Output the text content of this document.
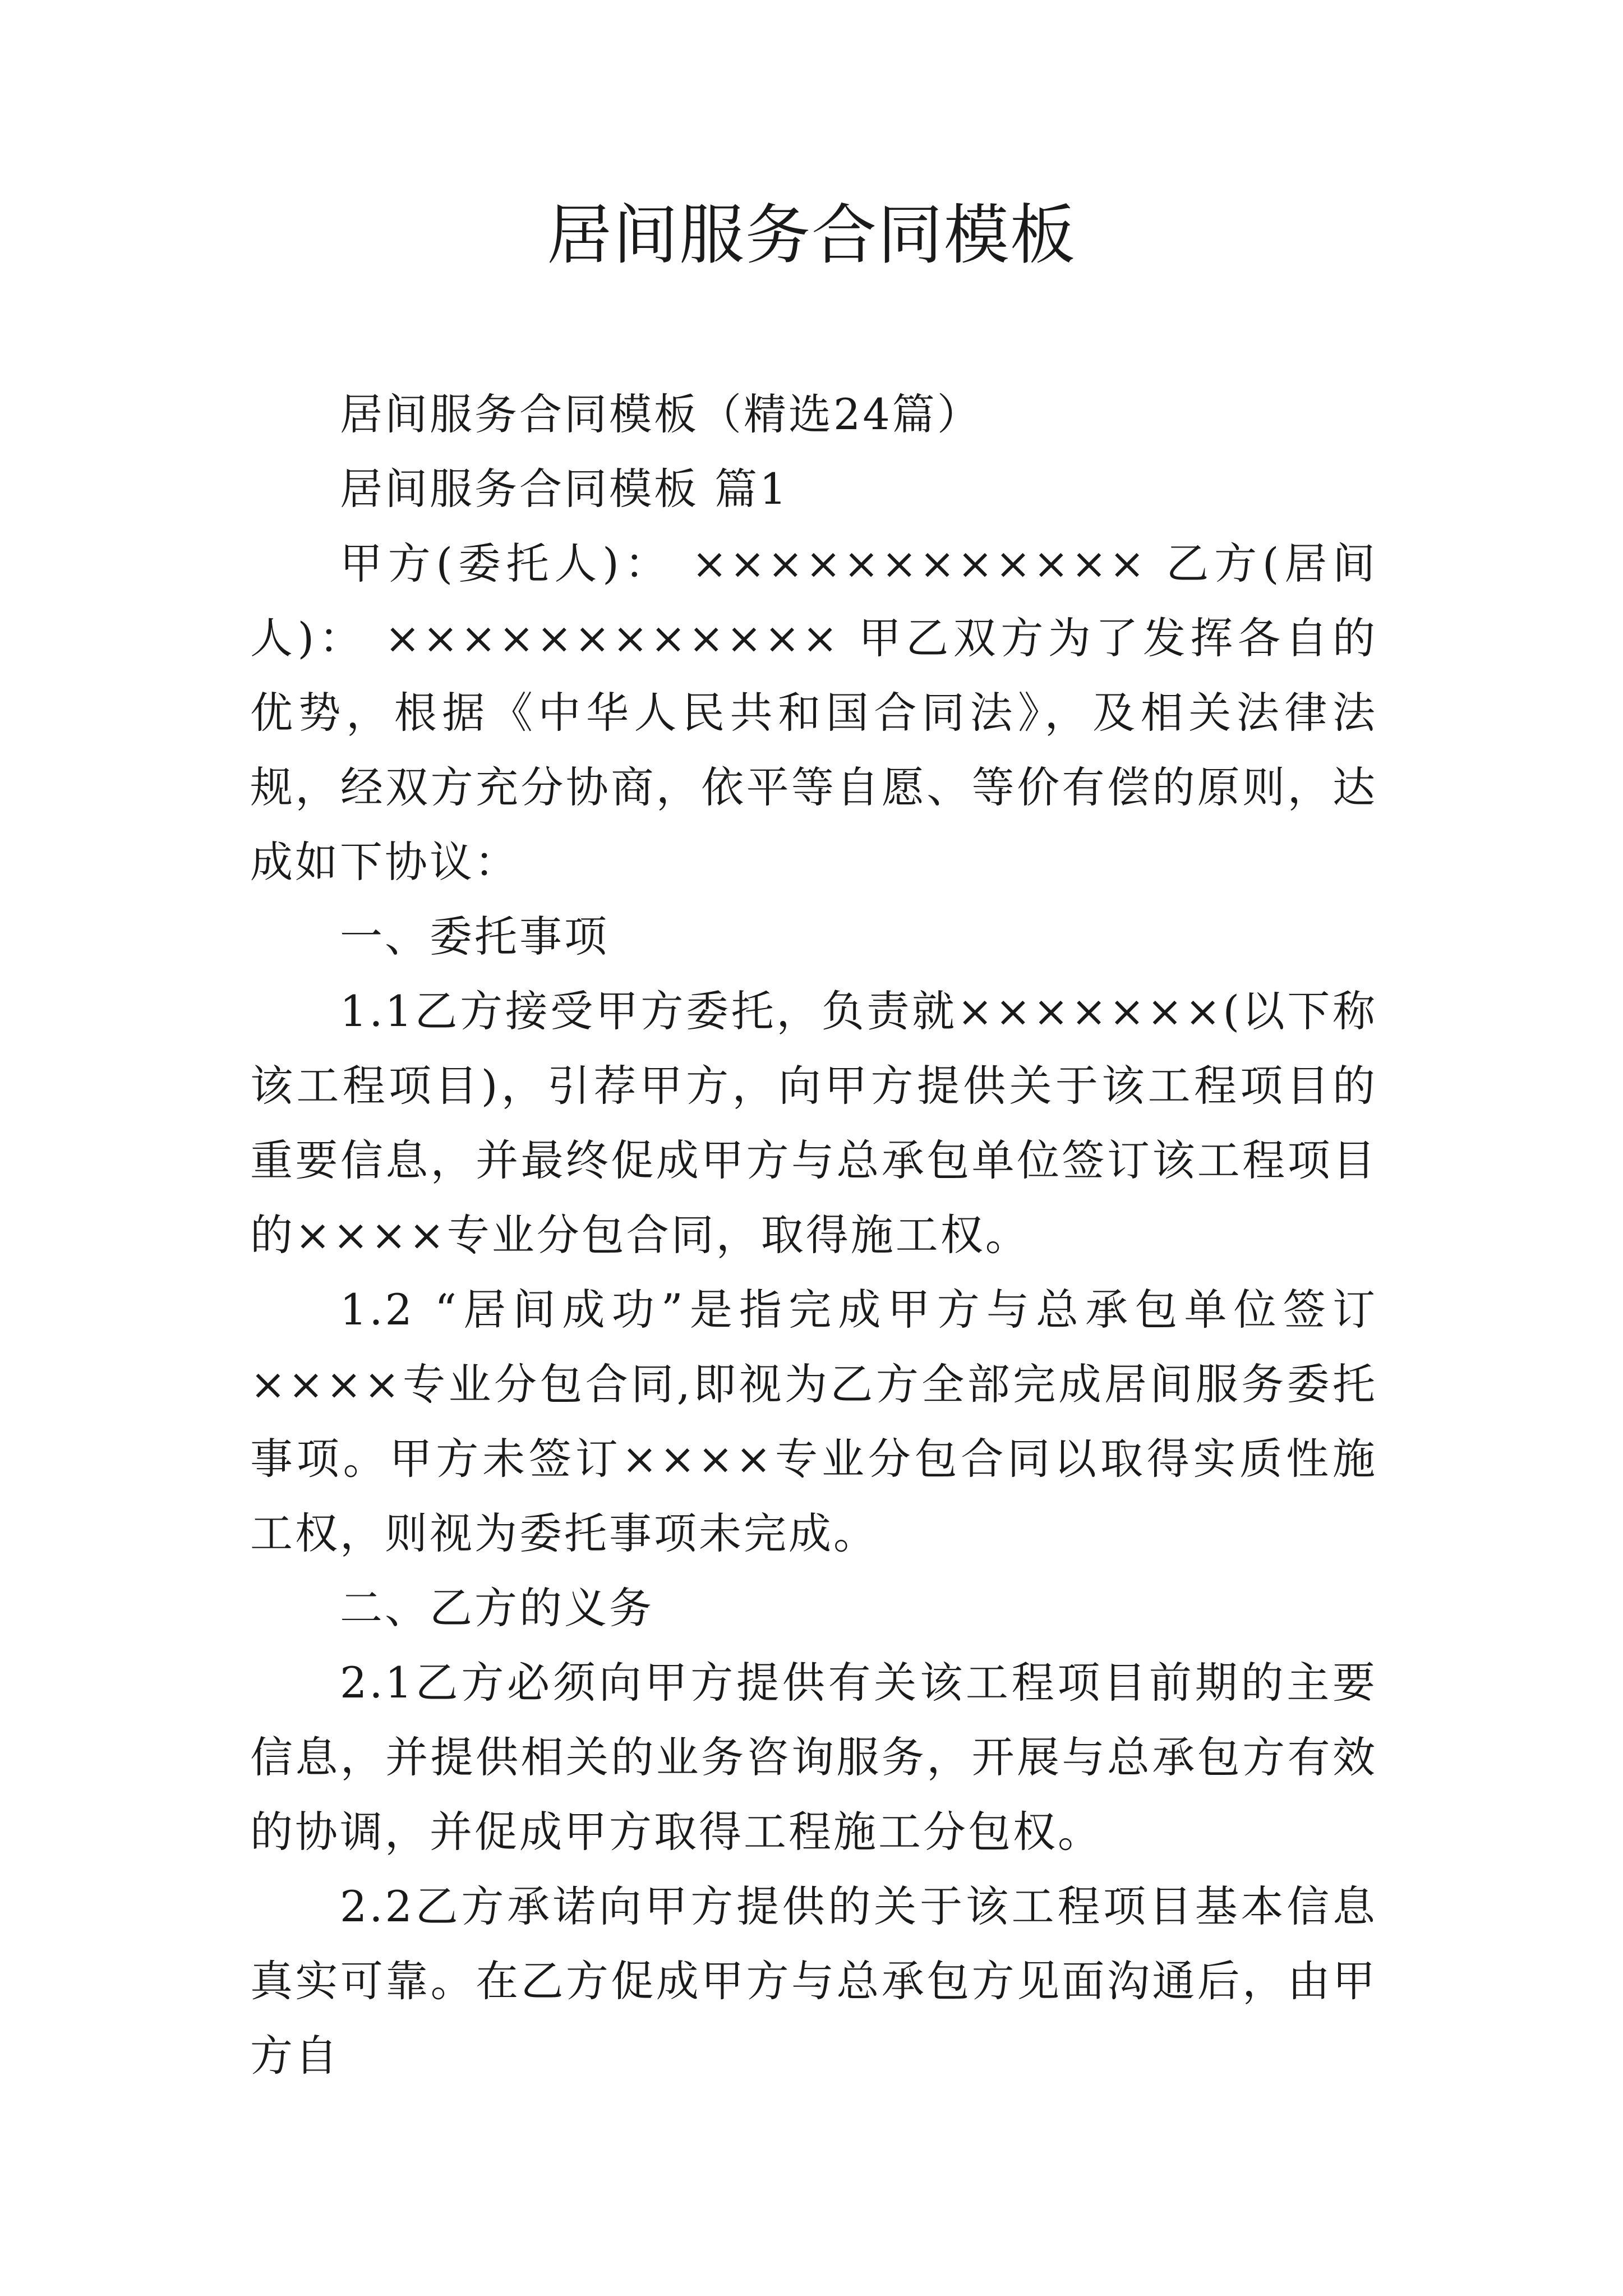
居间服务合同模板

居间服务合同模板（精选24篇）

居间服务合同模板 篇1

甲方(委托人)： ×××××××××××× 乙方(居间人)： ×××××××××××× 甲乙双方为了发挥各自的优势，根据《中华人民共和国合同法》，及相关法律法规，经双方充分协商，依平等自愿、等价有偿的原则，达成如下协议：

一、委托事项

1.1乙方接受甲方委托，负责就×××××××(以下称该工程项目)，引荐甲方，向甲方提供关于该工程项目的重要信息，并最终促成甲方与总承包单位签订该工程项目的××××专业分包合同，取得施工权。

1.2 “居间成功”是指完成甲方与总承包单位签订××××专业分包合同,即视为乙方全部完成居间服务委托事项。甲方未签订××××专业分包合同以取得实质性施工权，则视为委托事项未完成。

二、乙方的义务

2.1乙方必须向甲方提供有关该工程项目前期的主要信息，并提供相关的业务咨询服务，开展与总承包方有效的协调，并促成甲方取得工程施工分包权。

2.2乙方承诺向甲方提供的关于该工程项目基本信息真实可靠。在乙方促成甲方与总承包方见面沟通后，由甲方自
